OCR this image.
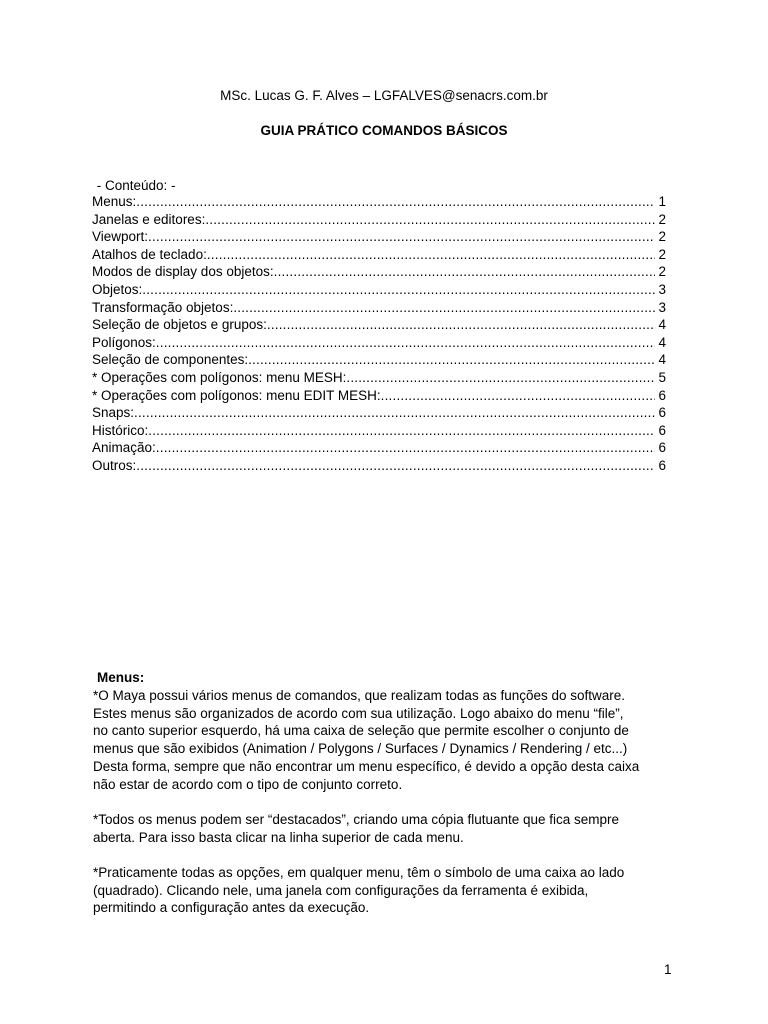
MSc. Lucas G. F. Alves – LGFALVES@senacrs.com.br
GUIA PRÁTICO COMANDOS BÁSICOS
- Conteúdo: -
Menus: .....	1
Janelas e editores: .....	2
Viewport: .....	2
Atalhos de teclado: .....	2
Modos de display dos objetos: .....	2
Objetos: .....	3
Transformação objetos: .....	3
Seleção de objetos e grupos: .....	4
Polígonos: .....	4
Seleção de componentes: .....	4
* Operações com polígonos: menu MESH: .....	5
* Operações com polígonos: menu EDIT MESH: .....	6
Snaps: .....	6
Histórico: .....	6
Animação: .....	6
Outros: .....	6
Menus:

*O Maya possui vários menus de comandos, que realizam todas as funções do software.

Estes menus são organizados de acordo com sua utilização. Logo abaixo do menu “file”,

no canto superior esquerdo, há uma caixa de seleção que permite escolher o conjunto de

menus que são exibidos (Animation / Polygons / Surfaces / Dynamics / Rendering / etc...)

Desta forma, sempre que não encontrar um menu específico, é devido a opção desta caixa

não estar de acordo com o tipo de conjunto correto.

*Todos os menus podem ser “destacados”, criando uma cópia flutuante que fica sempre

aberta. Para isso basta clicar na linha superior de cada menu.

*Praticamente todas as opções, em qualquer menu, têm o símbolo de uma caixa ao lado

(quadrado). Clicando nele, uma janela com configurações da ferramenta é exibida,

permitindo a configuração antes da execução.

1
